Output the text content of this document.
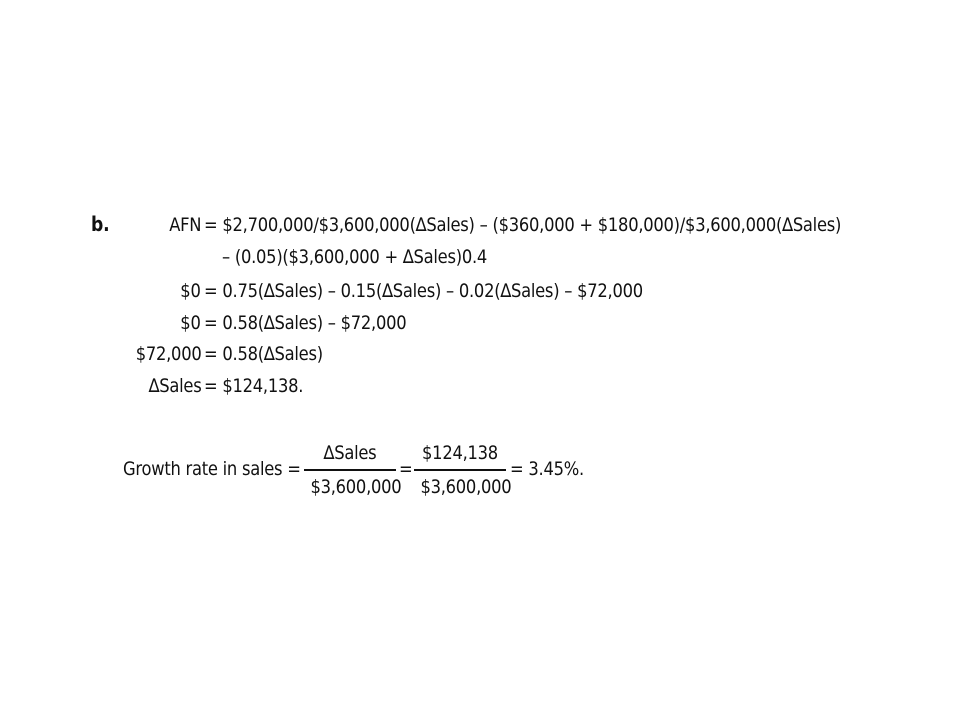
b.	AFN = $2,700,000/$3,600,000(∆Sales) – ($360,000 + $180,000)/$3,600,000(∆Sales)
– (0.05)($3,600,000 + ∆Sales)0.4
$0 = 0.75(∆Sales) – 0.15(∆Sales) – 0.02(∆Sales) – $72,000
$0 = 0.58(∆Sales) – $72,000
$72,000 = 0.58(∆Sales)
∆Sales = $124,138.
Growth rate in sales =
∆Sales
$3,600,000
=
$124,138
$3,600,000
= 3.45%.
